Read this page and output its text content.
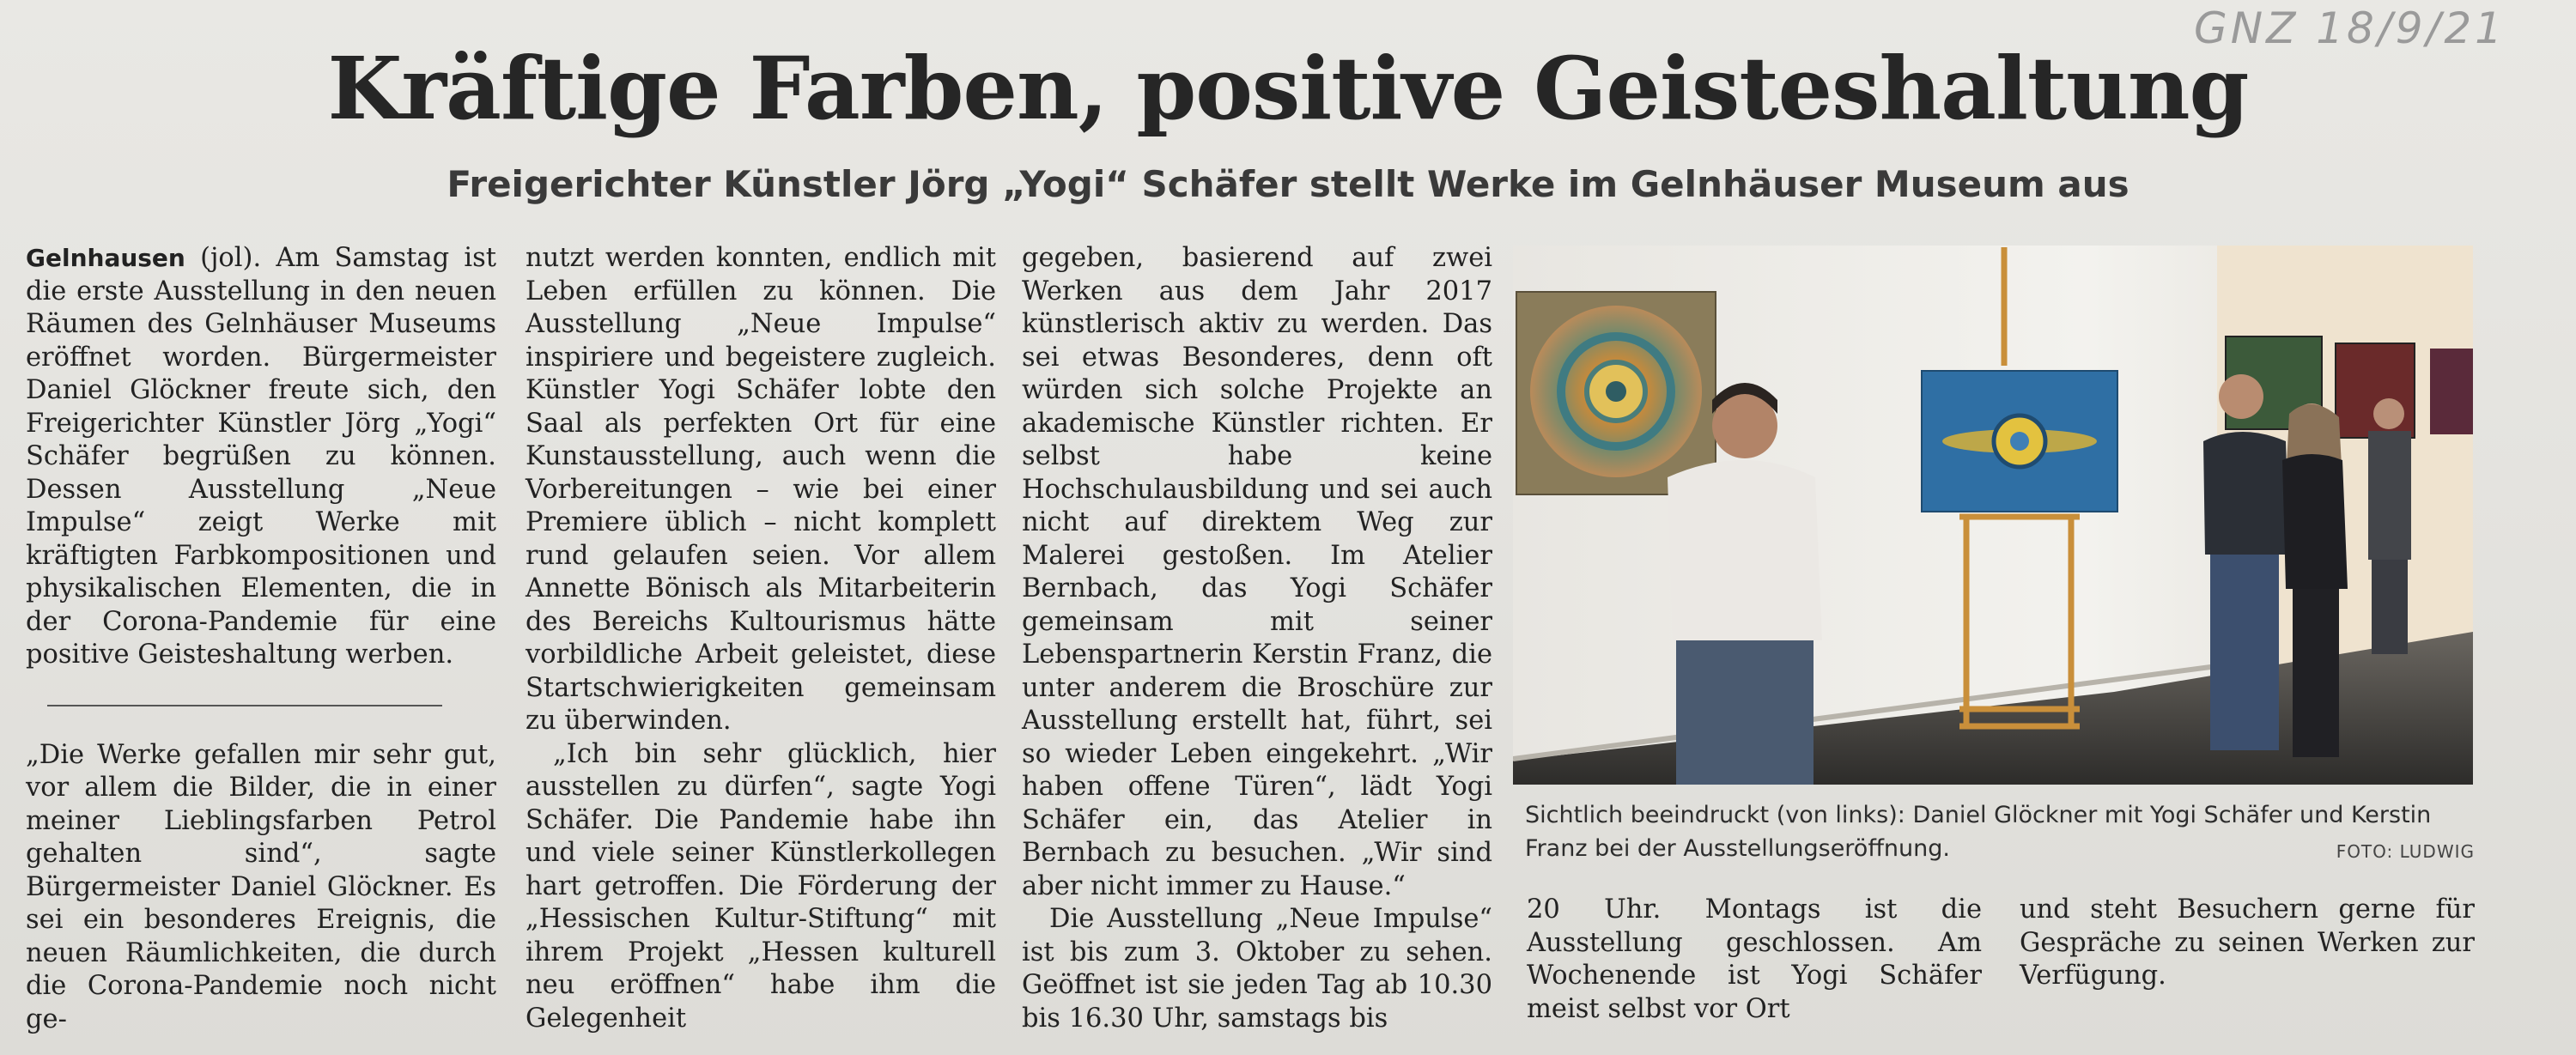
GNZ 18/9/21
Kräftige Farben, positive Geisteshaltung
Freigerichter Künstler Jörg „Yogi“ Schäfer stellt Werke im Gelnhäuser Museum aus

Gelnhausen (jol). Am Samstag ist die erste Ausstellung in den neuen Räumen des Gelnhäuser Museums eröffnet worden. Bürgermeister Daniel Glöckner freute sich, den Freigerichter Künstler Jörg „Yogi“ Schäfer begrüßen zu können. Dessen Ausstellung „Neue Impulse“ zeigt Werke mit kräftigten Farbkompositionen und physikalischen Elementen, die in der Corona-Pandemie für eine positive Geisteshaltung werben.

„Die Werke gefallen mir sehr gut, vor allem die Bilder, die in einer meiner Lieblingsfarben Petrol gehalten sind“, sagte Bürgermeister Daniel Glöckner. Es sei ein besonderes Ereignis, die neuen Räumlichkeiten, die durch die Corona-Pandemie noch nicht ge-

nutzt werden konnten, endlich mit Leben erfüllen zu können. Die Ausstellung „Neue Impulse“ inspiriere und begeistere zugleich. Künstler Yogi Schäfer lobte den Saal als perfekten Ort für eine Kunstausstellung, auch wenn die Vorbereitungen – wie bei einer Premiere üblich – nicht komplett rund gelaufen seien. Vor allem Annette Bönisch als Mitarbeiterin des Bereichs Kultourismus hätte vorbildliche Arbeit geleistet, diese Startschwierigkeiten gemeinsam zu überwinden.

„Ich bin sehr glücklich, hier ausstellen zu dürfen“, sagte Yogi Schäfer. Die Pandemie habe ihn und viele seiner Künstlerkollegen hart getroffen. Die Förderung der „Hessischen Kultur-Stiftung“ mit ihrem Projekt „Hessen kulturell neu eröffnen“ habe ihm die Gelegenheit

gegeben, basierend auf zwei Werken aus dem Jahr 2017 künstlerisch aktiv zu werden. Das sei etwas Besonderes, denn oft würden sich solche Projekte an akademische Künstler richten. Er selbst habe keine Hochschulausbildung und sei auch nicht auf direktem Weg zur Malerei gestoßen. Im Atelier Bernbach, das Yogi Schäfer gemeinsam mit seiner Lebenspartnerin Kerstin Franz, die unter anderem die Broschüre zur Ausstellung erstellt hat, führt, sei so wieder Leben eingekehrt. „Wir haben offene Türen“, lädt Yogi Schäfer ein, das Atelier in Bernbach zu besuchen. „Wir sind aber nicht immer zu Hause.“

Die Ausstellung „Neue Impulse“ ist bis zum 3. Oktober zu sehen. Geöffnet ist sie jeden Tag ab 10.30 bis 16.30 Uhr, samstags bis

Sichtlich beeindruckt (von links): Daniel Glöckner mit Yogi Schäfer und Kerstin Franz bei der Ausstellungseröffnung.	FOTO: LUDWIG

20 Uhr. Montags ist die Ausstellung geschlossen. Am Wochenende ist Yogi Schäfer meist selbst vor Ort

und steht Besuchern gerne für Gespräche zu seinen Werken zur Verfügung.
